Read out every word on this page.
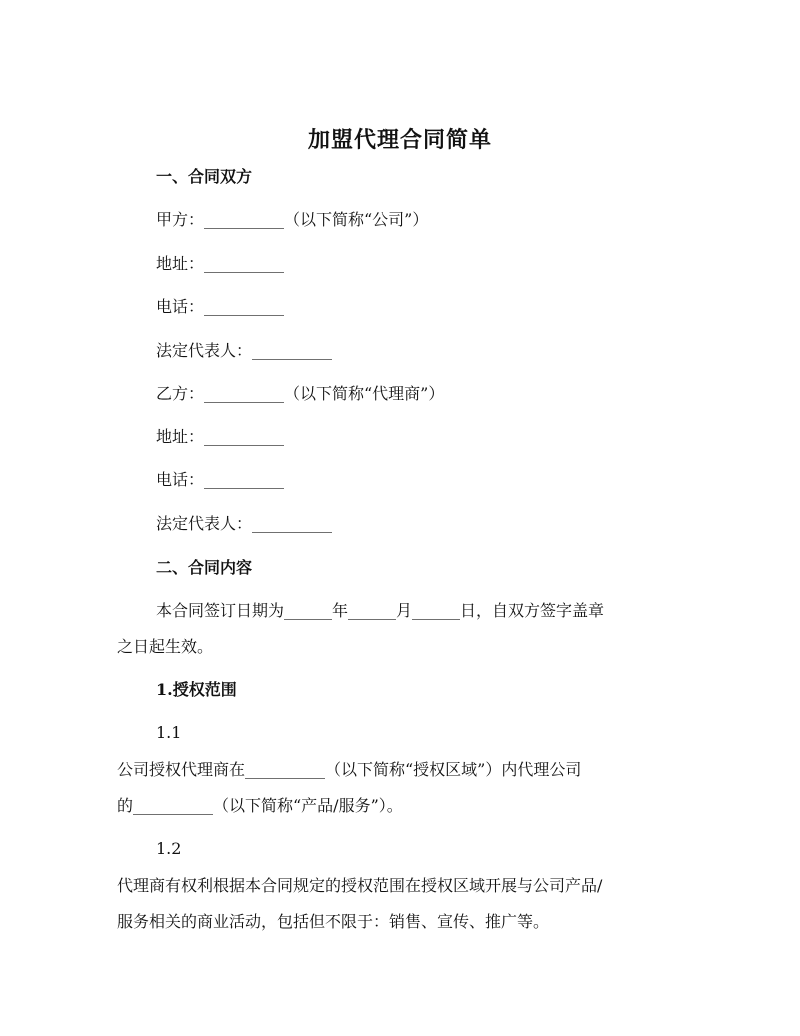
加盟代理合同简单
一、合同双方
甲方：__________（以下简称“公司”）
地址：__________
电话：__________
法定代表人：__________
乙方：__________（以下简称“代理商”）
地址：__________
电话：__________
法定代表人：__________
二、合同内容
本合同签订日期为______年______月______日，自双方签字盖章
之日起生效。
1.授权范围
1.1
公司授权代理商在__________（以下简称“授权区域”）内代理公司
的__________（以下简称“产品/服务”）。
1.2
代理商有权利根据本合同规定的授权范围在授权区域开展与公司产品/
服务相关的商业活动，包括但不限于：销售、宣传、推广等。
